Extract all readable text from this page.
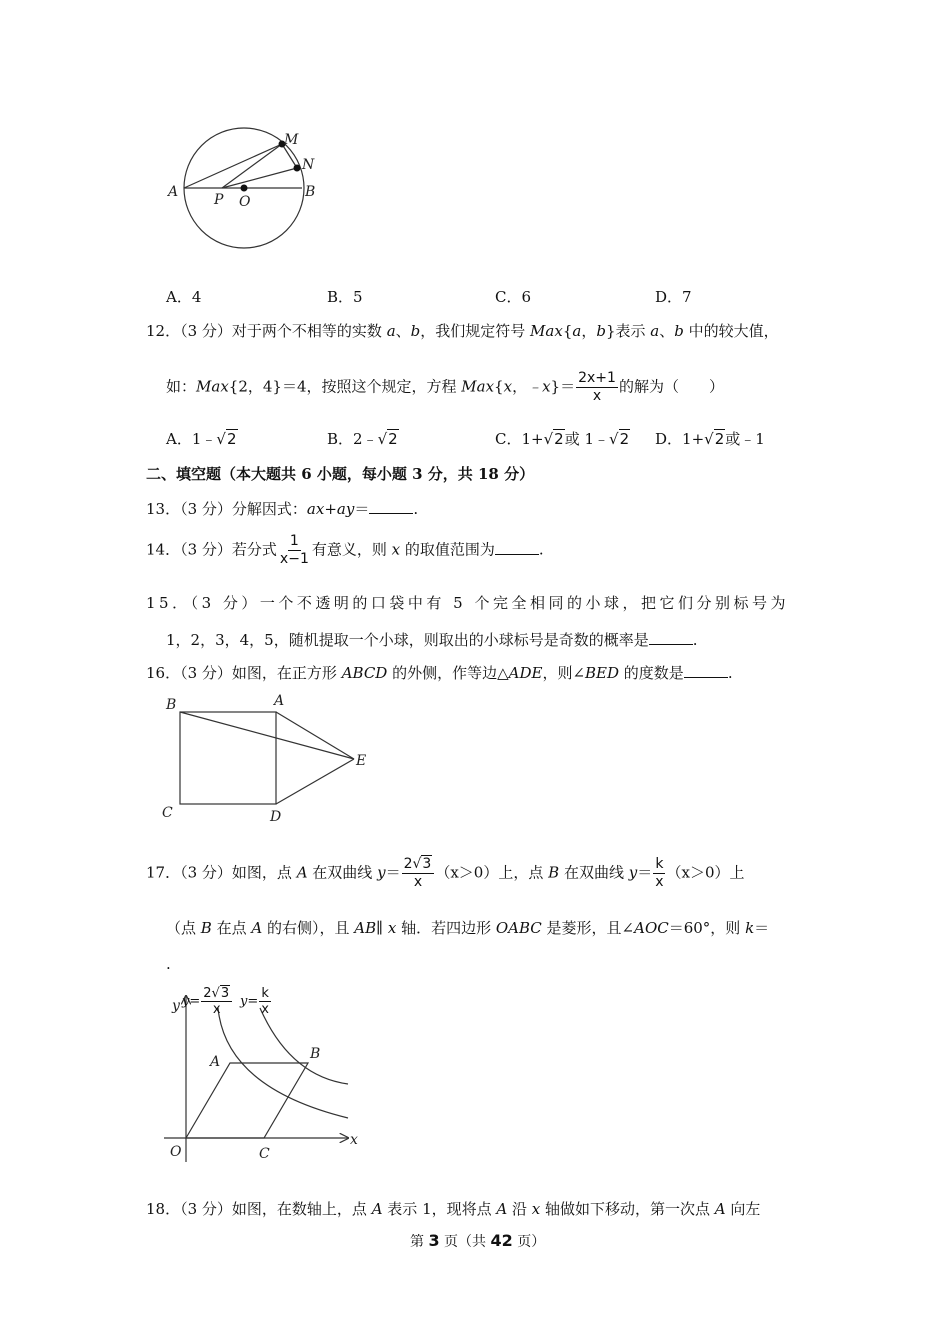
A	B
M
N
P O
A．4	B．5	C．6	D．7
12．（3 分）对于两个不相等的实数 a、b，我们规定符号 Max{a，b}表示 a、b 中的较大值，
如：Max{2，4}＝4，按照这个规定，方程 Max{x，﹣x}＝ $\frac{2x+1}{x}$ 的解为（　　）
A．1﹣√2	B．2﹣√2	C．1+√2或 1﹣√2 D．1+√2或﹣1
二、填空题（本大题共 6 小题，每小题 3 分，共 18 分）
13．（3 分）分解因式：ax+ay＝	.
14．（3 分）若分式 $\frac{1}{x-1}$ 有意义，则 x 的取值范围为	.
15．（3 分）一个不透明的口袋中有 5 个完全相同的小球，把它们分别标号为
1，2，3，4，5，随机提取一个小球，则取出的小球标号是奇数的概率是	.
16．（3 分）如图，在正方形 ABCD 的外侧，作等边△ADE，则∠BED 的度数是	.
B	A
E
C	D
17．（3 分）如图，点 A 在双曲线 $y= \frac{2√3}{x} (x>0)$上，点 B 在双曲线 $y= \frac{k}{x} (x>0)$上
（点 B 在点 A 的右侧），且 AB∥ x 轴．若四边形 OABC 是菱形，且∠AOC＝60°，则 k＝
.
y
x
O
A	B
C
$y= \frac{2√3}{x} y= \frac{k}{x}$
18．（3 分）如图，在数轴上，点 A 表示 1，现将点 A 沿 x 轴做如下移动，第一次点 A 向左
第 3 页（共 42 页）
